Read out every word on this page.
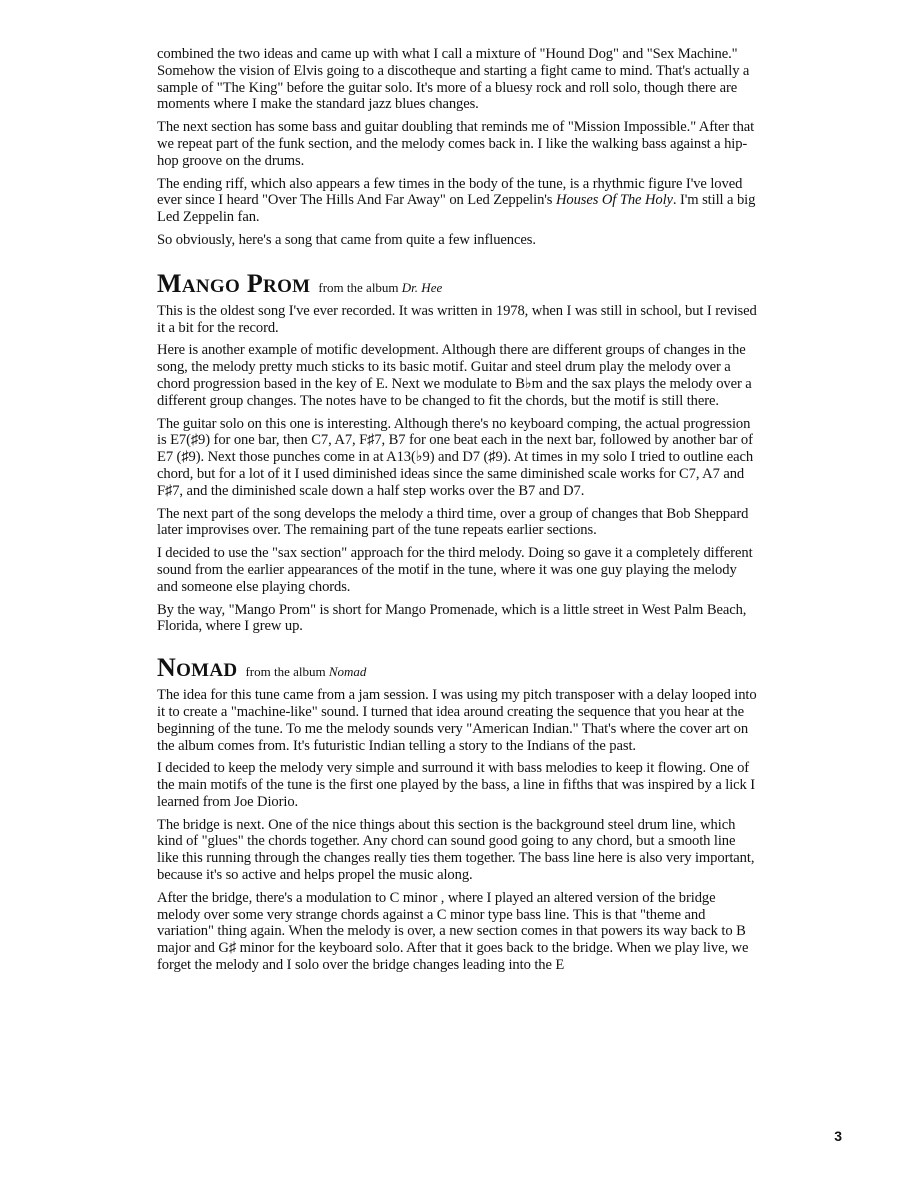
combined the two ideas and came up with what I call a mixture of "Hound Dog" and "Sex Machine." Somehow the vision of Elvis going to a discotheque and starting a fight came to mind. That's actually a sample of "The King" before the guitar solo. It's more of a bluesy rock and roll solo, though there are moments where I make the standard jazz blues changes.

The next section has some bass and guitar doubling that reminds me of "Mission Impossible." After that we repeat part of the funk section, and the melody comes back in. I like the walking bass against a hip-hop groove on the drums.

The ending riff, which also appears a few times in the body of the tune, is a rhythmic figure I've loved ever since I heard "Over The Hills And Far Away" on Led Zeppelin's Houses Of The Holy. I'm still a big Led Zeppelin fan.

So obviously, here's a song that came from quite a few influences.

MANGO PROM from the album Dr. Hee

This is the oldest song I've ever recorded. It was written in 1978, when I was still in school, but I revised it a bit for the record.

Here is another example of motific development. Although there are different groups of changes in the song, the melody pretty much sticks to its basic motif. Guitar and steel drum play the melody over a chord progression based in the key of E. Next we modulate to B♭m and the sax plays the melody over a different group changes. The notes have to be changed to fit the chords, but the motif is still there.

The guitar solo on this one is interesting. Although there's no keyboard comping, the actual progression is E7(♯9) for one bar, then C7, A7, F♯7, B7 for one beat each in the next bar, followed by another bar of E7 (♯9). Next those punches come in at A13(♭9) and D7 (♯9). At times in my solo I tried to outline each chord, but for a lot of it I used diminished ideas since the same diminished scale works for C7, A7 and F♯7, and the diminished scale down a half step works over the B7 and D7.

The next part of the song develops the melody a third time, over a group of changes that Bob Sheppard later improvises over. The remaining part of the tune repeats earlier sections.

I decided to use the "sax section" approach for the third melody. Doing so gave it a completely different sound from the earlier appearances of the motif in the tune, where it was one guy playing the melody and someone else playing chords.

By the way, "Mango Prom" is short for Mango Promenade, which is a little street in West Palm Beach, Florida, where I grew up.

NOMAD from the album Nomad

The idea for this tune came from a jam session. I was using my pitch transposer with a delay looped into it to create a "machine-like" sound. I turned that idea around creating the sequence that you hear at the beginning of the tune. To me the melody sounds very "American Indian." That's where the cover art on the album comes from. It's futuristic Indian telling a story to the Indians of the past.

I decided to keep the melody very simple and surround it with bass melodies to keep it flowing. One of the main motifs of the tune is the first one played by the bass, a line in fifths that was inspired by a lick I learned from Joe Diorio.

The bridge is next. One of the nice things about this section is the background steel drum line, which kind of "glues" the chords together. Any chord can sound good going to any chord, but a smooth line like this running through the changes really ties them together. The bass line here is also very important, because it's so active and helps propel the music along.

After the bridge, there's a modulation to C minor , where I played an altered version of the bridge melody over some very strange chords against a C minor type bass line. This is that "theme and variation" thing again. When the melody is over, a new section comes in that powers its way back to B major and G♯ minor for the keyboard solo. After that it goes back to the bridge. When we play live, we forget the melody and I solo over the bridge changes leading into the E

3
